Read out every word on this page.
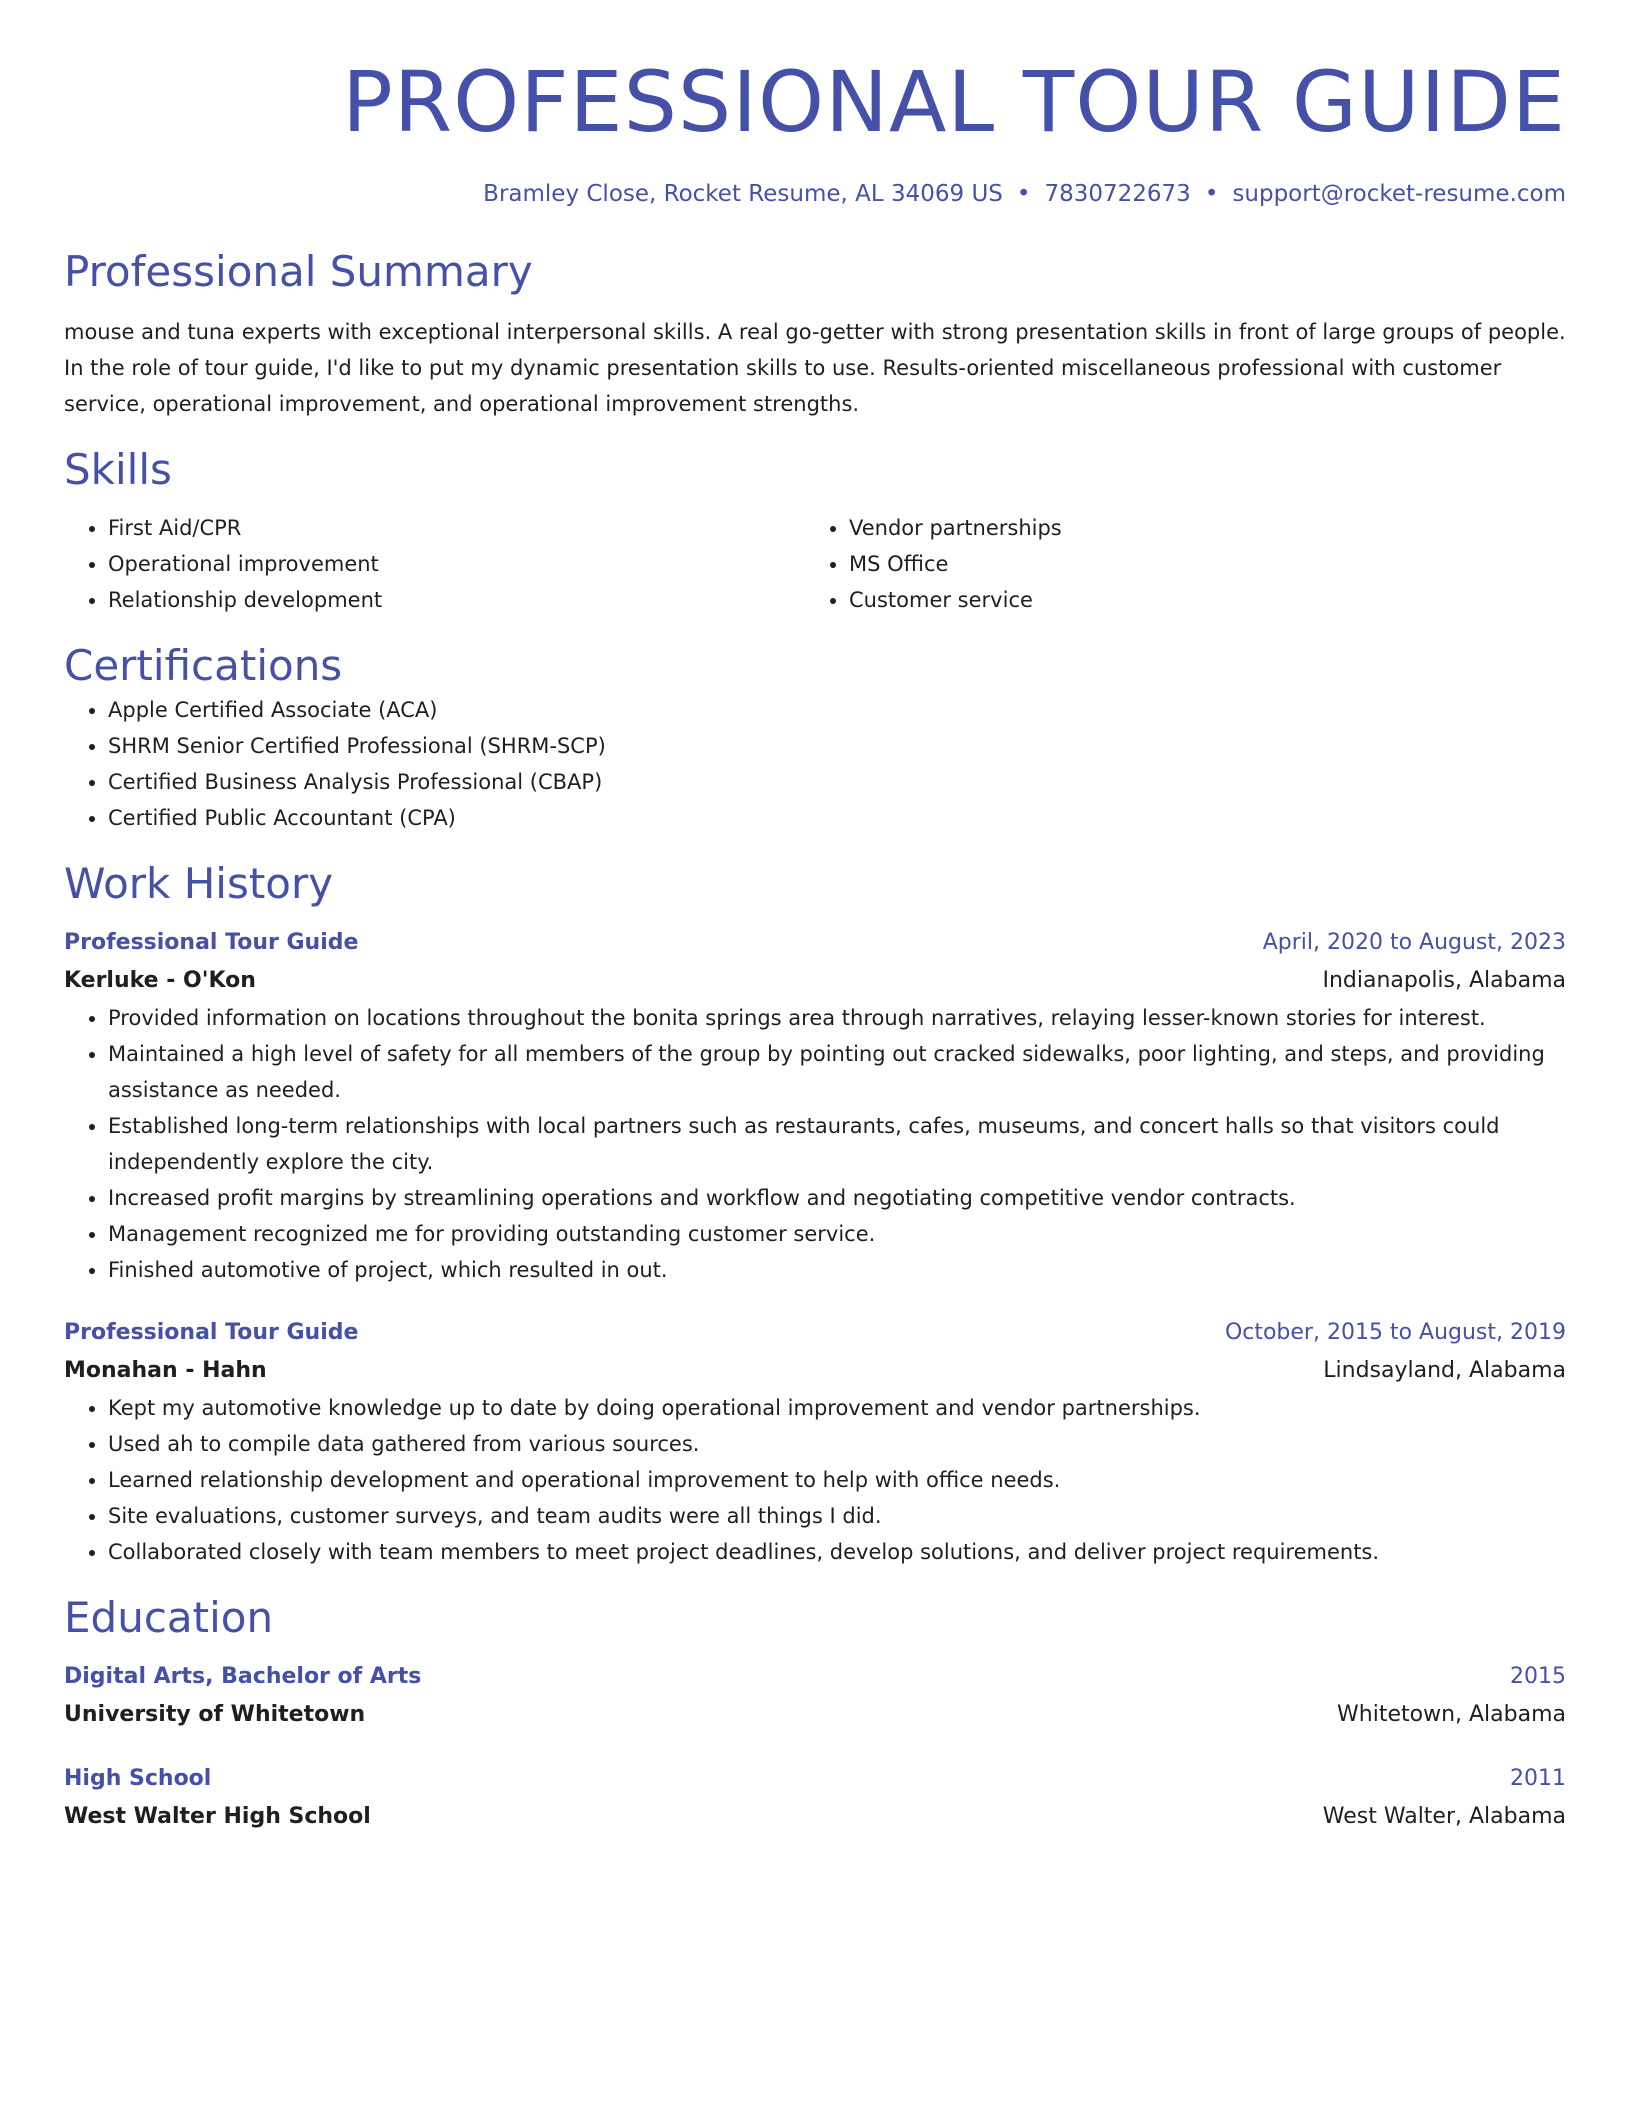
PROFESSIONAL TOUR GUIDE
Bramley Close, Rocket Resume, AL 34069 US • 7830722673 • support@rocket-resume.com
Professional Summary
mouse and tuna experts with exceptional interpersonal skills. A real go-getter with strong presentation skills in front of large groups of people. In the role of tour guide, I'd like to put my dynamic presentation skills to use. Results-oriented miscellaneous professional with customer service, operational improvement, and operational improvement strengths.
Skills
• First Aid/CPR
• Operational improvement
• Relationship development
• Vendor partnerships
• MS Office
• Customer service
Certifications
• Apple Certified Associate (ACA)
• SHRM Senior Certified Professional (SHRM-SCP)
• Certified Business Analysis Professional (CBAP)
• Certified Public Accountant (CPA)
Work History
Professional Tour Guide	April, 2020 to August, 2023
Kerluke - O'Kon	Indianapolis, Alabama
• Provided information on locations throughout the bonita springs area through narratives, relaying lesser-known stories for interest.
• Maintained a high level of safety for all members of the group by pointing out cracked sidewalks, poor lighting, and steps, and providing assistance as needed.
• Established long-term relationships with local partners such as restaurants, cafes, museums, and concert halls so that visitors could independently explore the city.
• Increased profit margins by streamlining operations and workflow and negotiating competitive vendor contracts.
• Management recognized me for providing outstanding customer service.
• Finished automotive of project, which resulted in out.
Professional Tour Guide	October, 2015 to August, 2019
Monahan - Hahn	Lindsayland, Alabama
• Kept my automotive knowledge up to date by doing operational improvement and vendor partnerships.
• Used ah to compile data gathered from various sources.
• Learned relationship development and operational improvement to help with office needs.
• Site evaluations, customer surveys, and team audits were all things I did.
• Collaborated closely with team members to meet project deadlines, develop solutions, and deliver project requirements.
Education
Digital Arts, Bachelor of Arts	2015
University of Whitetown	Whitetown, Alabama
High School	2011
West Walter High School	West Walter, Alabama
